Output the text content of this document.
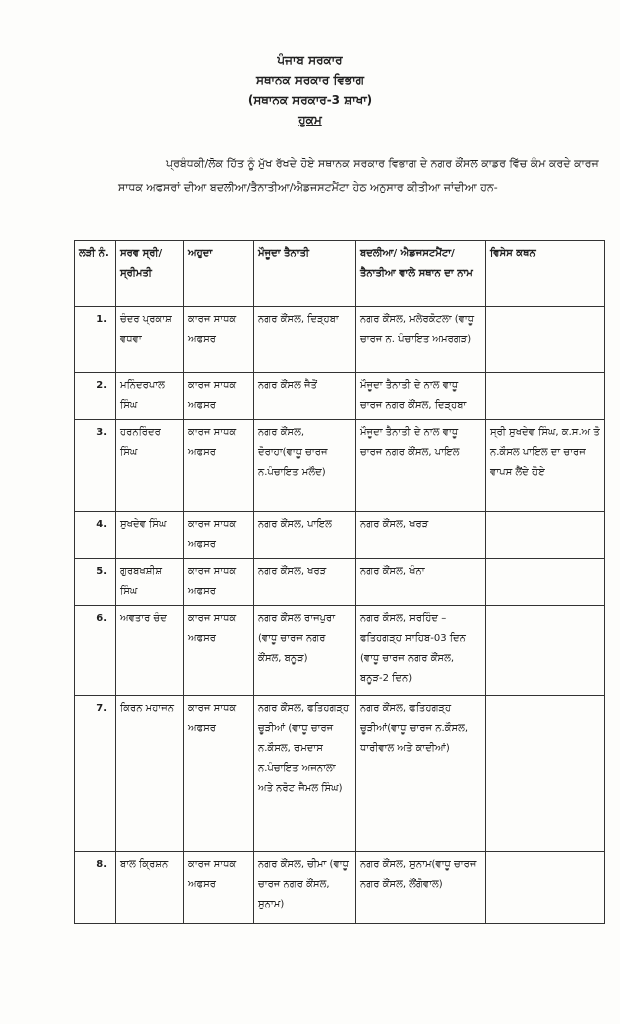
ਪੰਜਾਬ ਸਰਕਾਰ
ਸਥਾਨਕ ਸਰਕਾਰ ਵਿਭਾਗ
(ਸਥਾਨਕ ਸਰਕਾਰ-3 ਸ਼ਾਖਾ)
ਹੁਕਮ
ਪ੍ਰਬੰਧਕੀ/ਲੋਕ ਹਿੱਤ ਨੂੰ ਮੁੱਖ ਰੱਖਦੇ ਹੋਏ ਸਥਾਨਕ ਸਰਕਾਰ ਵਿਭਾਗ ਦੇ ਨਗਰ ਕੌਂਸਲ ਕਾਡਰ ਵਿੱਚ ਕੰਮ ਕਰਦੇ ਕਾਰਜ ਸਾਧਕ ਅਫਸਰਾਂ ਦੀਆ ਬਦਲੀਆ/ਤੈਨਾਤੀਆ/ਐਡਜਸਟਮੈਂਟਾ ਹੇਠ ਅਨੁਸਾਰ ਕੀਤੀਆ ਜਾਂਦੀਆ ਹਨ-
ਲੜੀ ਨੰ.	ਸਰਵ ਸ੍ਰੀ/ਸ੍ਰੀਮਤੀ	ਅਹੁਦਾ	ਮੌਜੂਦਾ ਤੈਨਾਤੀ	ਬਦਲੀਆ/ ਐਡਜਸਟਮੈਂਟਾ/ ਤੈਨਾਤੀਆ ਵਾਲੇ ਸਥਾਨ ਦਾ ਨਾਮ	ਵਿਸੇਸ ਕਥਨ
1.	ਚੰਦਰ ਪ੍ਰਕਾਸ਼ ਵਧਵਾ	ਕਾਰਜ ਸਾਧਕ ਅਫਸਰ	ਨਗਰ ਕੌਂਸਲ, ਦਿੜ੍ਹਬਾ	ਨਗਰ ਕੌਂਸਲ, ਮਲੇਰਕੋਟਲਾ (ਵਾਧੂ ਚਾਰਜ ਨ. ਪੰਚਾਇਤ ਅਮਰਗੜ)	
2.	ਮਨਿੰਦਰਪਾਲ ਸਿੰਘ	ਕਾਰਜ ਸਾਧਕ ਅਫਸਰ	ਨਗਰ ਕੌਂਸਲ ਜੈਤੋਂ	ਮੌਜੂਦਾ ਤੈਨਾਤੀ ਦੇ ਨਾਲ ਵਾਧੂ ਚਾਰਜ ਨਗਰ ਕੌਂਸਲ, ਦਿੜ੍ਹਬਾ	
3.	ਹਰਨਰਿੰਦਰ ਸਿੰਘ	ਕਾਰਜ ਸਾਧਕ ਅਫਸਰ	ਨਗਰ ਕੌਂਸਲ, ਦੋਰਾਹਾ(ਵਾਧੂ ਚਾਰਜ ਨ.ਪੰਚਾਇਤ ਮਲੌਦ)	ਮੌਜੂਦਾ ਤੈਨਾਤੀ ਦੇ ਨਾਲ ਵਾਧੂ ਚਾਰਜ ਨਗਰ ਕੌਂਸਲ, ਪਾਇਲ	ਸ੍ਰੀ ਸੁਖਦੇਵ ਸਿੰਘ, ਕ.ਸ.ਅ ਤੋ ਨ.ਕੌਸਲ ਪਾਇਲ ਦਾ ਚਾਰਜ ਵਾਪਸ ਲੈਂਦੇ ਹੋਏ
4.	ਸੁਖਦੇਵ ਸਿੰਘ	ਕਾਰਜ ਸਾਧਕ ਅਫਸਰ	ਨਗਰ ਕੌਂਸਲ, ਪਾਇਲ	ਨਗਰ ਕੌਂਸਲ, ਖਰੜ	
5.	ਗੁਰਬਖਸ਼ੀਸ਼ ਸਿੰਘ	ਕਾਰਜ ਸਾਧਕ ਅਫਸਰ	ਨਗਰ ਕੌਂਸਲ, ਖਰੜ	ਨਗਰ ਕੌਂਸਲ, ਖੰਨਾ	
6.	ਅਵਤਾਰ ਚੰਦ	ਕਾਰਜ ਸਾਧਕ ਅਫਸਰ	ਨਗਰ ਕੌਂਸਲ ਰਾਜਪੁਰਾ (ਵਾਧੂ ਚਾਰਜ ਨਗਰ ਕੌਂਸਲ, ਬਨੂੜ)	ਨਗਰ ਕੌਸਲ, ਸਰਹਿੰਦ – ਫਤਿਹਗੜ੍ਹ ਸਾਹਿਬ-03 ਦਿਨ (ਵਾਧੂ ਚਾਰਜ ਨਗਰ ਕੌਂਸਲ, ਬਨੂੜ-2 ਦਿਨ)	
7.	ਕਿਰਨ ਮਹਾਜਨ	ਕਾਰਜ ਸਾਧਕ ਅਫਸਰ	ਨਗਰ ਕੌਂਸਲ, ਫਤਿਹਗੜ੍ਹ ਚੂੜੀਆਂ (ਵਾਧੂ ਚਾਰਜ ਨ.ਕੌਸਲ, ਰਮਦਾਸ ਨ.ਪੰਚਾਇਤ ਅਜਨਾਲਾ ਅਤੇ ਨਰੋਟ ਜੈਮਲ ਸਿੰਘ)	ਨਗਰ ਕੌਂਸਲ, ਫਤਿਹਗੜ੍ਹ ਚੂੜੀਆਂ(ਵਾਧੂ ਚਾਰਜ ਨ.ਕੌਸਲ, ਧਾਰੀਵਾਲ ਅਤੇ ਕਾਦੀਆਂ)	
8.	ਬਾਲ ਕ੍ਰਿਸ਼ਨ	ਕਾਰਜ ਸਾਧਕ ਅਫਸਰ	ਨਗਰ ਕੌਂਸਲ, ਚੀਮਾ (ਵਾਧੂ ਚਾਰਜ ਨਗਰ ਕੌਂਸਲ, ਸੁਨਾਮ)	ਨਗਰ ਕੌਂਸਲ, ਸੁਨਾਮ(ਵਾਧੂ ਚਾਰਜ ਨਗਰ ਕੌਂਸਲ, ਲੌਂਗੋਵਾਲ)	
